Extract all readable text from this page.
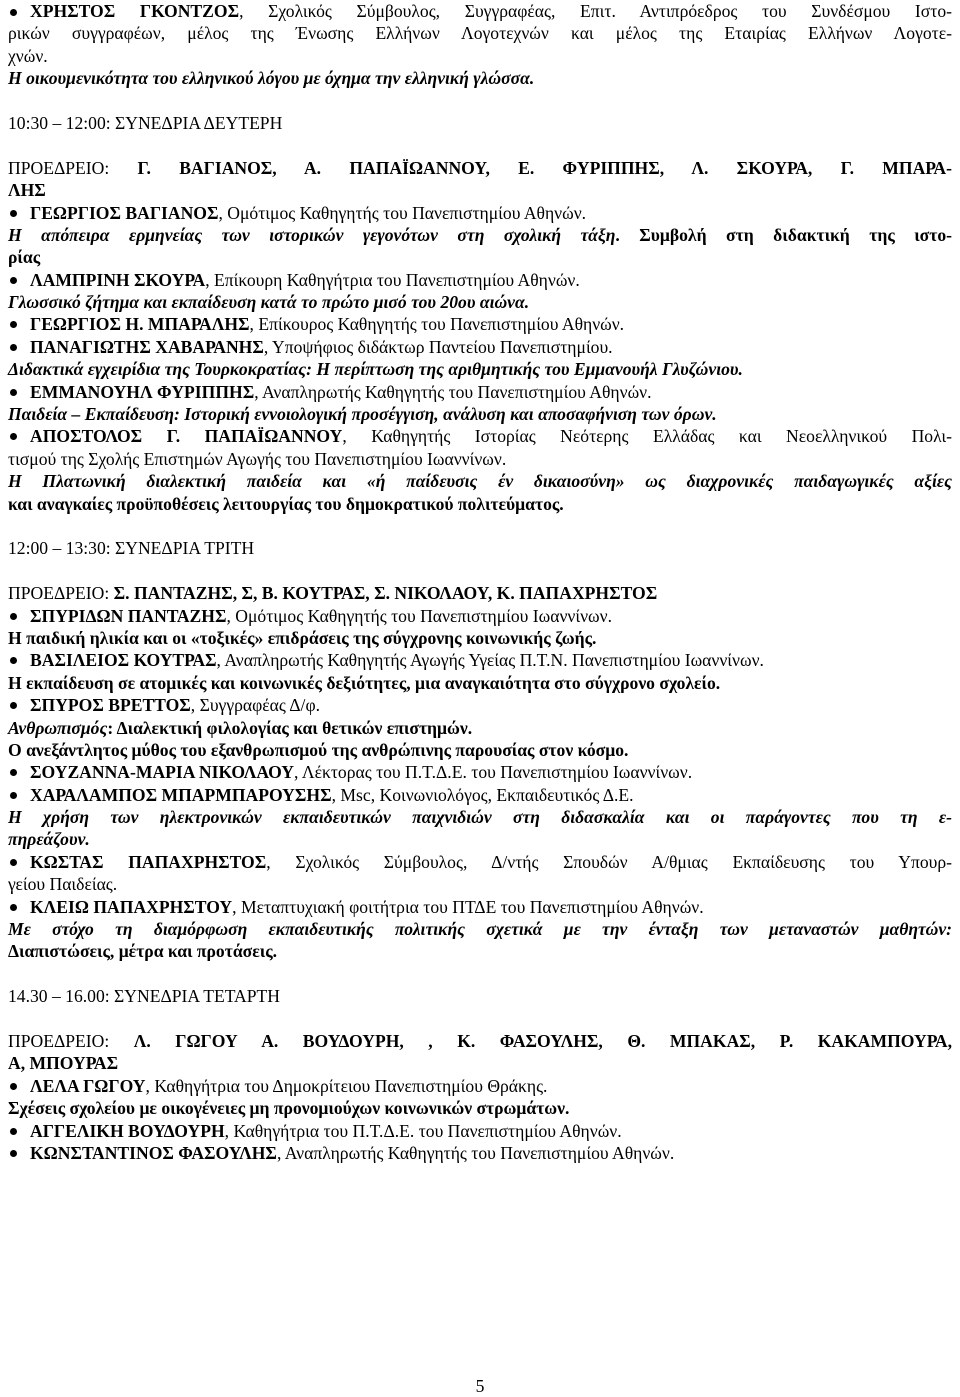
ΧΡΗΣΤΟΣ ΓΚΟΝΤΖΟΣ, Σχολικός Σύμβουλος, Συγγραφέας, Επιτ. Αντιπρόεδρος του Συνδέσμου Ιστο-
ρικών συγγραφέων, μέλος της Ένωσης Ελλήνων Λογοτεχνών και μέλος της Εταιρίας Ελλήνων Λογοτε-
χνών.
Η οικουμενικότητα του ελληνικού λόγου με όχημα την ελληνική γλώσσα.
10:30 – 12:00: ΣΥΝΕΔΡΙΑ ΔΕΥΤΕΡΗ
ΠΡΟΕΔΡΕΙΟ: Γ. ΒΑΓΙΑΝΟΣ, Α. ΠΑΠΑΪΩΑΝΝΟΥ, Ε. ΦΥΡΙΠΠΗΣ, Λ. ΣΚΟΥΡΑ, Γ. ΜΠΑΡΑ-
ΛΗΣ
ΓΕΩΡΓΙΟΣ ΒΑΓΙΑΝΟΣ, Ομότιμος Καθηγητής του Πανεπιστημίου Αθηνών.
Η απόπειρα ερμηνείας των ιστορικών γεγονότων στη σχολική τάξη. Συμβολή στη διδακτική της ιστο-
ρίας
ΛΑΜΠΡΙΝΗ ΣΚΟΥΡΑ, Επίκουρη Καθηγήτρια του Πανεπιστημίου Αθηνών.
Γλωσσικό ζήτημα και εκπαίδευση κατά το πρώτο μισό του 20ου αιώνα.
ΓΕΩΡΓΙΟΣ Η. ΜΠΑΡΑΛΗΣ, Επίκουρος Καθηγητής του Πανεπιστημίου Αθηνών.
ΠΑΝΑΓΙΩΤΗΣ ΧΑΒΑΡΑΝΗΣ, Υποψήφιος διδάκτωρ Παντείου Πανεπιστημίου.
Διδακτικά εγχειρίδια της Τουρκοκρατίας: Η περίπτωση της αριθμητικής του Εμμανουήλ Γλυζώνιου.
ΕΜΜΑΝΟΥΗΛ ΦΥΡΙΠΠΗΣ, Αναπληρωτής Καθηγητής του Πανεπιστημίου Αθηνών.
Παιδεία – Εκπαίδευση: Ιστορική εννοιολογική προσέγγιση, ανάλυση και αποσαφήνιση των όρων.
ΑΠΟΣΤΟΛΟΣ Γ. ΠΑΠΑΪΩΑΝΝΟΥ, Καθηγητής Ιστορίας Νεότερης Ελλάδας και Νεοελληνικού Πολι-
τισμού της Σχολής Επιστημών Αγωγής του Πανεπιστημίου Ιωαννίνων.
Η Πλατωνική διαλεκτική παιδεία και «ή παίδευσις έν δικαιοσύνη» ως διαχρονικές παιδαγωγικές αξίες
και αναγκαίες προϋποθέσεις λειτουργίας του δημοκρατικού πολιτεύματος.
12:00 – 13:30: ΣΥΝΕΔΡΙΑ ΤΡΙΤΗ
ΠΡΟΕΔΡΕΙΟ: Σ. ΠΑΝΤΑΖΗΣ, Σ, Β. ΚΟΥΤΡΑΣ, Σ. ΝΙΚΟΛΑΟΥ, Κ. ΠΑΠΑΧΡΗΣΤΟΣ
ΣΠΥΡΙΔΩΝ ΠΑΝΤΑΖΗΣ, Ομότιμος Καθηγητής του Πανεπιστημίου Ιωαννίνων.
Η παιδική ηλικία και οι «τοξικές» επιδράσεις της σύγχρονης κοινωνικής ζωής.
ΒΑΣΙΛΕΙΟΣ ΚΟΥΤΡΑΣ, Αναπληρωτής Καθηγητής Αγωγής Υγείας Π.Τ.Ν. Πανεπιστημίου Ιωαννίνων.
Η εκπαίδευση σε ατομικές και κοινωνικές δεξιότητες, μια αναγκαιότητα στο σύγχρονο σχολείο.
ΣΠΥΡΟΣ ΒΡΕΤΤΟΣ, Συγγραφέας Δ/φ.
Ανθρωπισμός: Διαλεκτική φιλολογίας και θετικών επιστημών.
Ο ανεξάντλητος μύθος του εξανθρωπισμού της ανθρώπινης παρουσίας στον κόσμο.
ΣΟΥΖΑΝΝΑ-ΜΑΡΙΑ ΝΙΚΟΛΑΟΥ, Λέκτορας του Π.Τ.Δ.Ε. του Πανεπιστημίου Ιωαννίνων.
ΧΑΡΑΛΑΜΠΟΣ ΜΠΑΡΜΠΑΡΟΥΣΗΣ, Msc, Κοινωνιολόγος, Εκπαιδευτικός Δ.Ε.
Η χρήση των ηλεκτρονικών εκπαιδευτικών παιχνιδιών στη διδασκαλία και οι παράγοντες που τη ε-
πηρεάζουν.
ΚΩΣΤΑΣ ΠΑΠΑΧΡΗΣΤΟΣ, Σχολικός Σύμβουλος, Δ/ντής Σπουδών Α/θμιας Εκπαίδευσης του Υπουρ-
γείου Παιδείας.
ΚΛΕΙΩ ΠΑΠΑΧΡΗΣΤΟΥ, Μεταπτυχιακή φοιτήτρια του ΠΤΔΕ του Πανεπιστημίου Αθηνών.
Με στόχο τη διαμόρφωση εκπαιδευτικής πολιτικής σχετικά με την ένταξη των μεταναστών μαθητών:
Διαπιστώσεις, μέτρα και προτάσεις.
14.30 – 16.00: ΣΥΝΕΔΡΙΑ ΤΕΤΑΡΤΗ
ΠΡΟΕΔΡΕΙΟ: Λ. ΓΩΓΟΥ Α. ΒΟΥΔΟΥΡΗ, , Κ. ΦΑΣΟΥΛΗΣ, Θ. ΜΠΑΚΑΣ, Ρ. ΚΑΚΑΜΠΟΥΡΑ,
Α, ΜΠΟΥΡΑΣ
ΛΕΛΑ ΓΩΓΟΥ, Καθηγήτρια του Δημοκρίτειου Πανεπιστημίου Θράκης.
Σχέσεις σχολείου με οικογένειες μη προνομιούχων κοινωνικών στρωμάτων.
ΑΓΓΕΛΙΚΗ ΒΟΥΔΟΥΡΗ, Καθηγήτρια του Π.Τ.Δ.Ε. του Πανεπιστημίου Αθηνών.
ΚΩΝΣΤΑΝΤΙΝΟΣ ΦΑΣΟΥΛΗΣ, Αναπληρωτής Καθηγητής του Πανεπιστημίου Αθηνών.
5
